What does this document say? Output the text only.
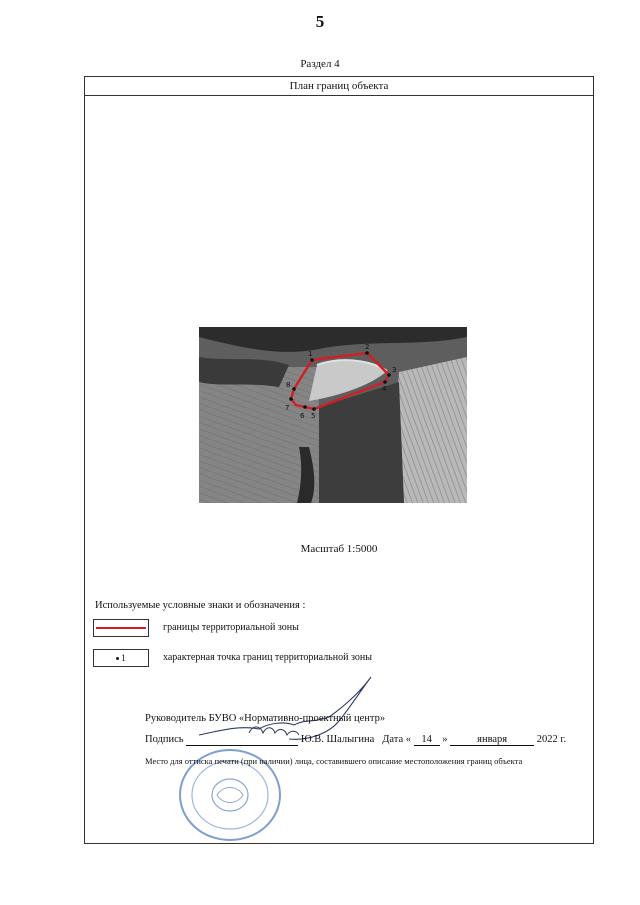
5
Раздел 4
План границ объекта
1
2
3
4
5
6
7
8
Масштаб 1:5000
Используемые условные знаки и обозначения :
границы территориальной зоны
1	характерная точка границ территориальной зоны
Руководитель БУВО «Нормативно-проектный центр»
Подпись	Ю.В. Шалыгина Дата « 14 »	января	2022 г.
Место для оттиска печати (при наличии) лица, составившего описание местоположения границ объекта
